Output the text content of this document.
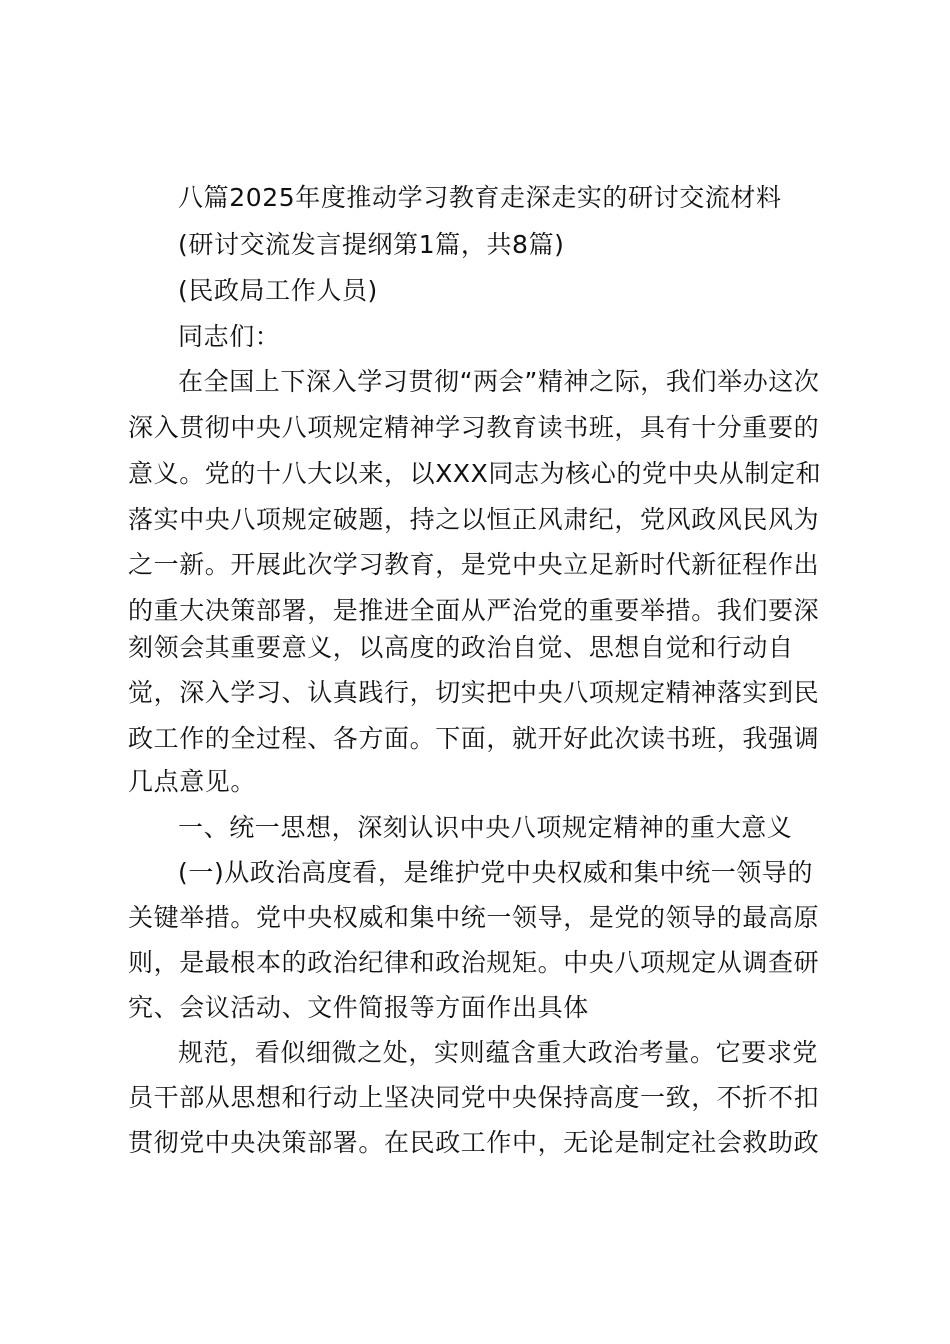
八篇2025年度推动学习教育走深走实的研讨交流材料
(研讨交流发言提纲第1篇，共8篇)
(民政局工作人员)
同志们：
在全国上下深入学习贯彻“两会”精神之际，我们举办这次
深入贯彻中央八项规定精神学习教育读书班，具有十分重要的
意义。党的十八大以来，以XXX同志为核心的党中央从制定和
落实中央八项规定破题，持之以恒正风肃纪，党风政风民风为
之一新。开展此次学习教育，是党中央立足新时代新征程作出
的重大决策部署，是推进全面从严治党的重要举措。我们要深
刻领会其重要意义，以高度的政治自觉、思想自觉和行动自
觉，深入学习、认真践行，切实把中央八项规定精神落实到民
政工作的全过程、各方面。下面，就开好此次读书班，我强调
几点意见。
一、统一思想，深刻认识中央八项规定精神的重大意义
(一)从政治高度看，是维护党中央权威和集中统一领导的
关键举措。党中央权威和集中统一领导，是党的领导的最高原
则，是最根本的政治纪律和政治规矩。中央八项规定从调查研
究、会议活动、文件简报等方面作出具体
规范，看似细微之处，实则蕴含重大政治考量。它要求党
员干部从思想和行动上坚决同党中央保持高度一致，不折不扣
贯彻党中央决策部署。在民政工作中，无论是制定社会救助政
